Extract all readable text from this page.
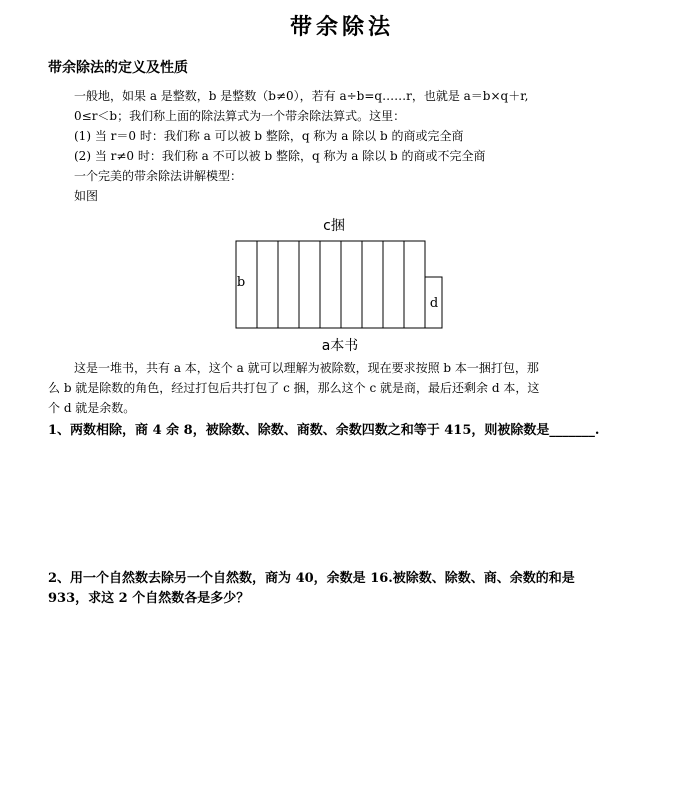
带余除法
带余除法的定义及性质
一般地，如果 a 是整数，b 是整数（b≠0），若有 a÷b=q……r，也就是 a＝b×q＋r,
0≤r＜b；我们称上面的除法算式为一个带余除法算式。这里：
(1) 当 r＝0 时：我们称 a 可以被 b 整除，q 称为 a 除以 b 的商或完全商
(2) 当 r≠0 时：我们称 a 不可以被 b 整除，q 称为 a 除以 b 的商或不完全商
一个完美的带余除法讲解模型：
如图
c捆
b
d
a本书
这是一堆书，共有 a 本，这个 a 就可以理解为被除数，现在要求按照 b 本一捆打包，那
么 b 就是除数的角色，经过打包后共打包了 c 捆，那么这个 c 就是商，最后还剩余 d 本，这
个 d 就是余数。
1、两数相除，商 4 余 8，被除数、除数、商数、余数四数之和等于 415，则被除数是_______.
2、用一个自然数去除另一个自然数，商为 40，余数是 16.被除数、除数、商、余数的和是
933，求这 2 个自然数各是多少？
